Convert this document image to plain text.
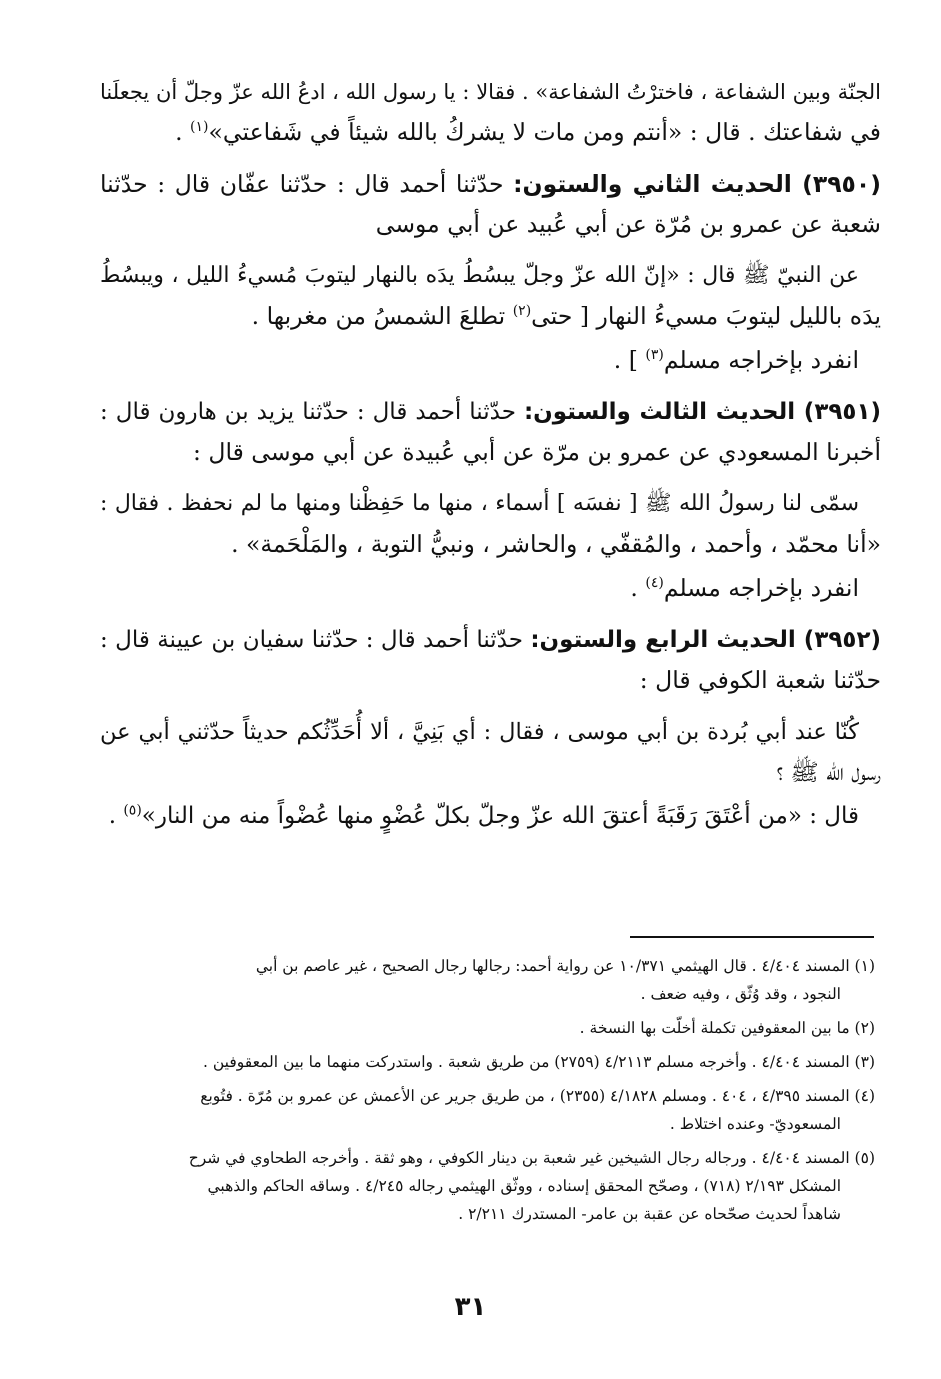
الجنّة وبين الشفاعة ، فاخترْتُ الشفاعة» . فقالا : يا رسول الله ، ادعُ الله عزّ وجلّ أن يجعلَنا

في شفاعتك . قال : «أنتم ومن مات لا يشركُ بالله شيئاً في شَفاعتي»$^{(١)}$ .

(٣٩٥٠) الحديث الثاني والستون: حدّثنا أحمد قال : حدّثنا عفّان قال : حدّثنا

شعبة عن عمرو بن مُرّة عن أبي عُبيد عن أبي موسى

عن النبيّ ﷺ قال : «إنّ الله عزّ وجلّ يبسُطُ يدَه بالنهار ليتوبَ مُسيءُ الليل ، ويبسُطُ

يدَه بالليل ليتوبَ مسيءُ النهار [ حتى$^{(٢)}$ تطلعَ الشمسُ من مغربها .

انفرد بإخراجه مسلم$^{(٣)}$ ] .

(٣٩٥١) الحديث الثالث والستون: حدّثنا أحمد قال : حدّثنا يزيد بن هارون قال :

أخبرنا المسعودي عن عمرو بن مرّة عن أبي عُبيدة عن أبي موسى قال :

سمّى لنا رسولُ الله ﷺ [ نفسَه ] أسماء ، منها ما حَفِظْنا ومنها ما لم نحفظ . فقال :

«أنا محمّد ، وأحمد ، والمُقفّي ، والحاشر ، ونبيُّ التوبة ، والمَلْحَمة» .

انفرد بإخراجه مسلم$^{(٤)}$ .

(٣٩٥٢) الحديث الرابع والستون: حدّثنا أحمد قال : حدّثنا سفيان بن عيينة قال :

حدّثنا شعبة الكوفي قال :

كُنّا عند أبي بُردة بن أبي موسى ، فقال : أي بَنِيَّ ، ألا أُحَدِّثُكم حديثاً حدّثني أبي عن

رسول الله ﷺ ؟

قال : «من أعْتَقَ رَقَبَةً أعتقَ الله عزّ وجلّ بكلّ عُضْوٍ منها عُضْواً منه من النار»$^{(٥)}$ .

(١) المسند ٤/٤٠٤ . قال الهيثمي ١٠/٣٧١ عن رواية أحمد: رجالها رجال الصحيح ، غير عاصم بن أبي

النجود ، وقد وُثّق ، وفيه ضعف .

(٢) ما بين المعقوفين تكملة أخلّت بها النسخة .

(٣) المسند ٤/٤٠٤ . وأخرجه مسلم ٤/٢١١٣ (٢٧٥٩) من طريق شعبة . واستدركت منهما ما بين المعقوفين .

(٤) المسند ٤/٣٩٥ ، ٤٠٤ . ومسلم ٤/١٨٢٨ (٢٣٥٥) ، من طريق جرير عن الأعمش عن عمرو بن مُرّة . فتُوبع

المسعوديّ- وعنده اختلاط .

(٥) المسند ٤/٤٠٤ . ورجاله رجال الشيخين غير شعبة بن دينار الكوفي ، وهو ثقة . وأخرجه الطحاوي في شرح

المشكل ٢/١٩٣ (٧١٨) ، وصحّح المحقق إسناده ، ووثّق الهيثمي رجاله ٤/٢٤٥ . وساقه الحاكم والذهبي

شاهداً لحديث صحّحاه عن عقبة بن عامر- المستدرك ٢/٢١١ .

٣١
